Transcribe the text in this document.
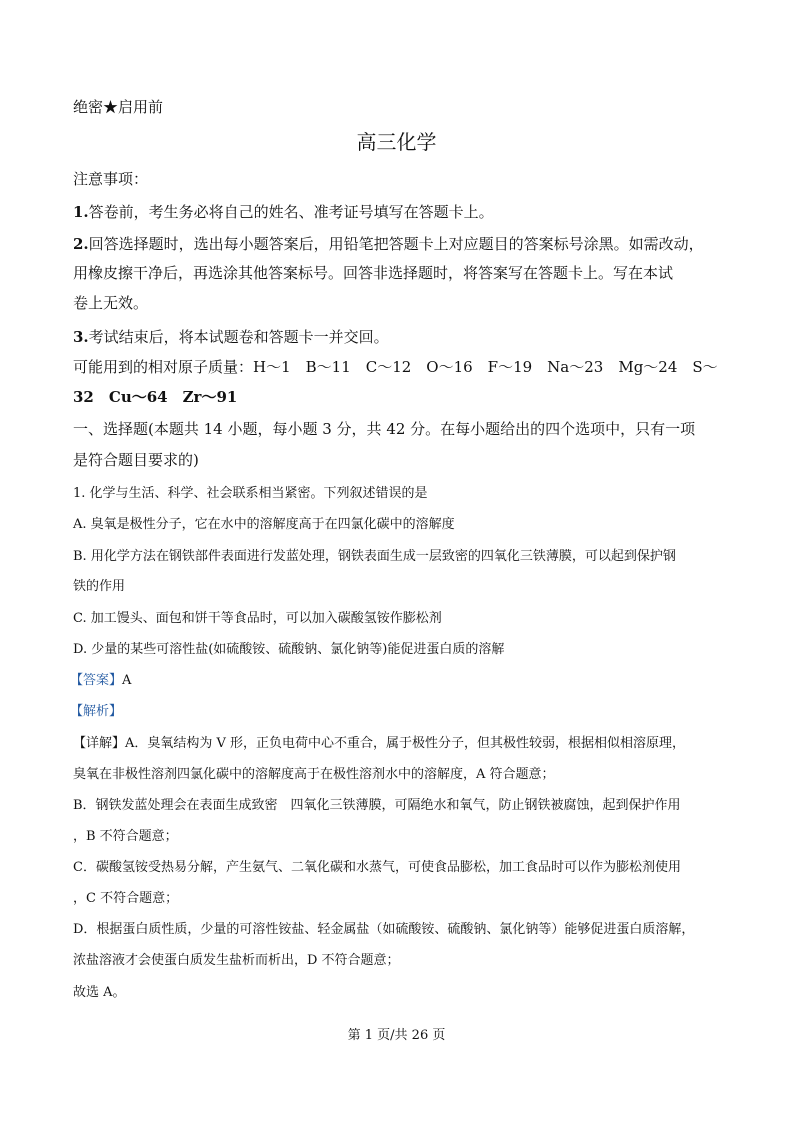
绝密★启用前
高三化学
注意事项：
1.答卷前，考生务必将自己的姓名、准考证号填写在答题卡上。
2.回答选择题时，选出每小题答案后，用铅笔把答题卡上对应题目的答案标号涂黑。如需改动，
用橡皮擦干净后，再选涂其他答案标号。回答非选择题时，将答案写在答题卡上。写在本试
卷上无效。
3.考试结束后，将本试题卷和答题卡一并交回。
可能用到的相对原子质量：H～1　B～11　C～12　O～16　F～19　Na～23　Mg～24　S～
32　Cu～64　Zr～91
一、选择题(本题共 14 小题，每小题 3 分，共 42 分。在每小题给出的四个选项中，只有一项
是符合题目要求的)
1. 化学与生活、科学、社会联系相当紧密。下列叙述错误的是
A. 臭氧是极性分子，它在水中的溶解度高于在四氯化碳中的溶解度
B. 用化学方法在钢铁部件表面进行发蓝处理，钢铁表面生成一层致密的四氧化三铁薄膜，可以起到保护钢
铁的作用
C. 加工馒头、面包和饼干等食品时，可以加入碳酸氢铵作膨松剂
D. 少量的某些可溶性盐(如硫酸铵、硫酸钠、氯化钠等)能促进蛋白质的溶解
【答案】A
【解析】
【详解】A．臭氧结构为 V 形，正负电荷中心不重合，属于极性分子，但其极性较弱，根据相似相溶原理，
臭氧在非极性溶剂四氯化碳中的溶解度高于在极性溶剂水中的溶解度，A 符合题意；
B．钢铁发蓝处理会在表面生成致密　四氧化三铁薄膜，可隔绝水和氧气，防止钢铁被腐蚀，起到保护作用
，B 不符合题意；
C．碳酸氢铵受热易分解，产生氨气、二氧化碳和水蒸气，可使食品膨松，加工食品时可以作为膨松剂使用
，C 不符合题意；
D．根据蛋白质性质，少量的可溶性铵盐、轻金属盐（如硫酸铵、硫酸钠、氯化钠等）能够促进蛋白质溶解，
浓盐溶液才会使蛋白质发生盐析而析出，D 不符合题意；
故选 A。
第 1 页/共 26 页
